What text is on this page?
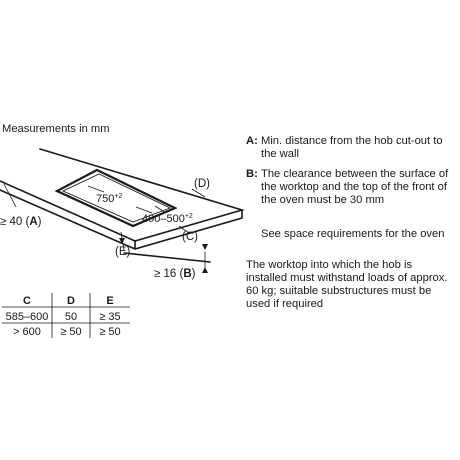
Measurements in mm
$750^{+2}$
$490-500^{+2}$
(D)
≥ 40 (A)
(C)
(E)
≥ 16 (B)
C	D	E
585–600 50 ≥ 35
> 600 ≥ 50 ≥ 50
A: Min. distance from the hob cut-out to the wall
B: The clearance between the surface of the worktop and the top of the front of the oven must be 30 mm
See space requirements for the oven
The worktop into which the hob is installed must withstand loads of approx. 60 kg; suitable substructures must be used if required
